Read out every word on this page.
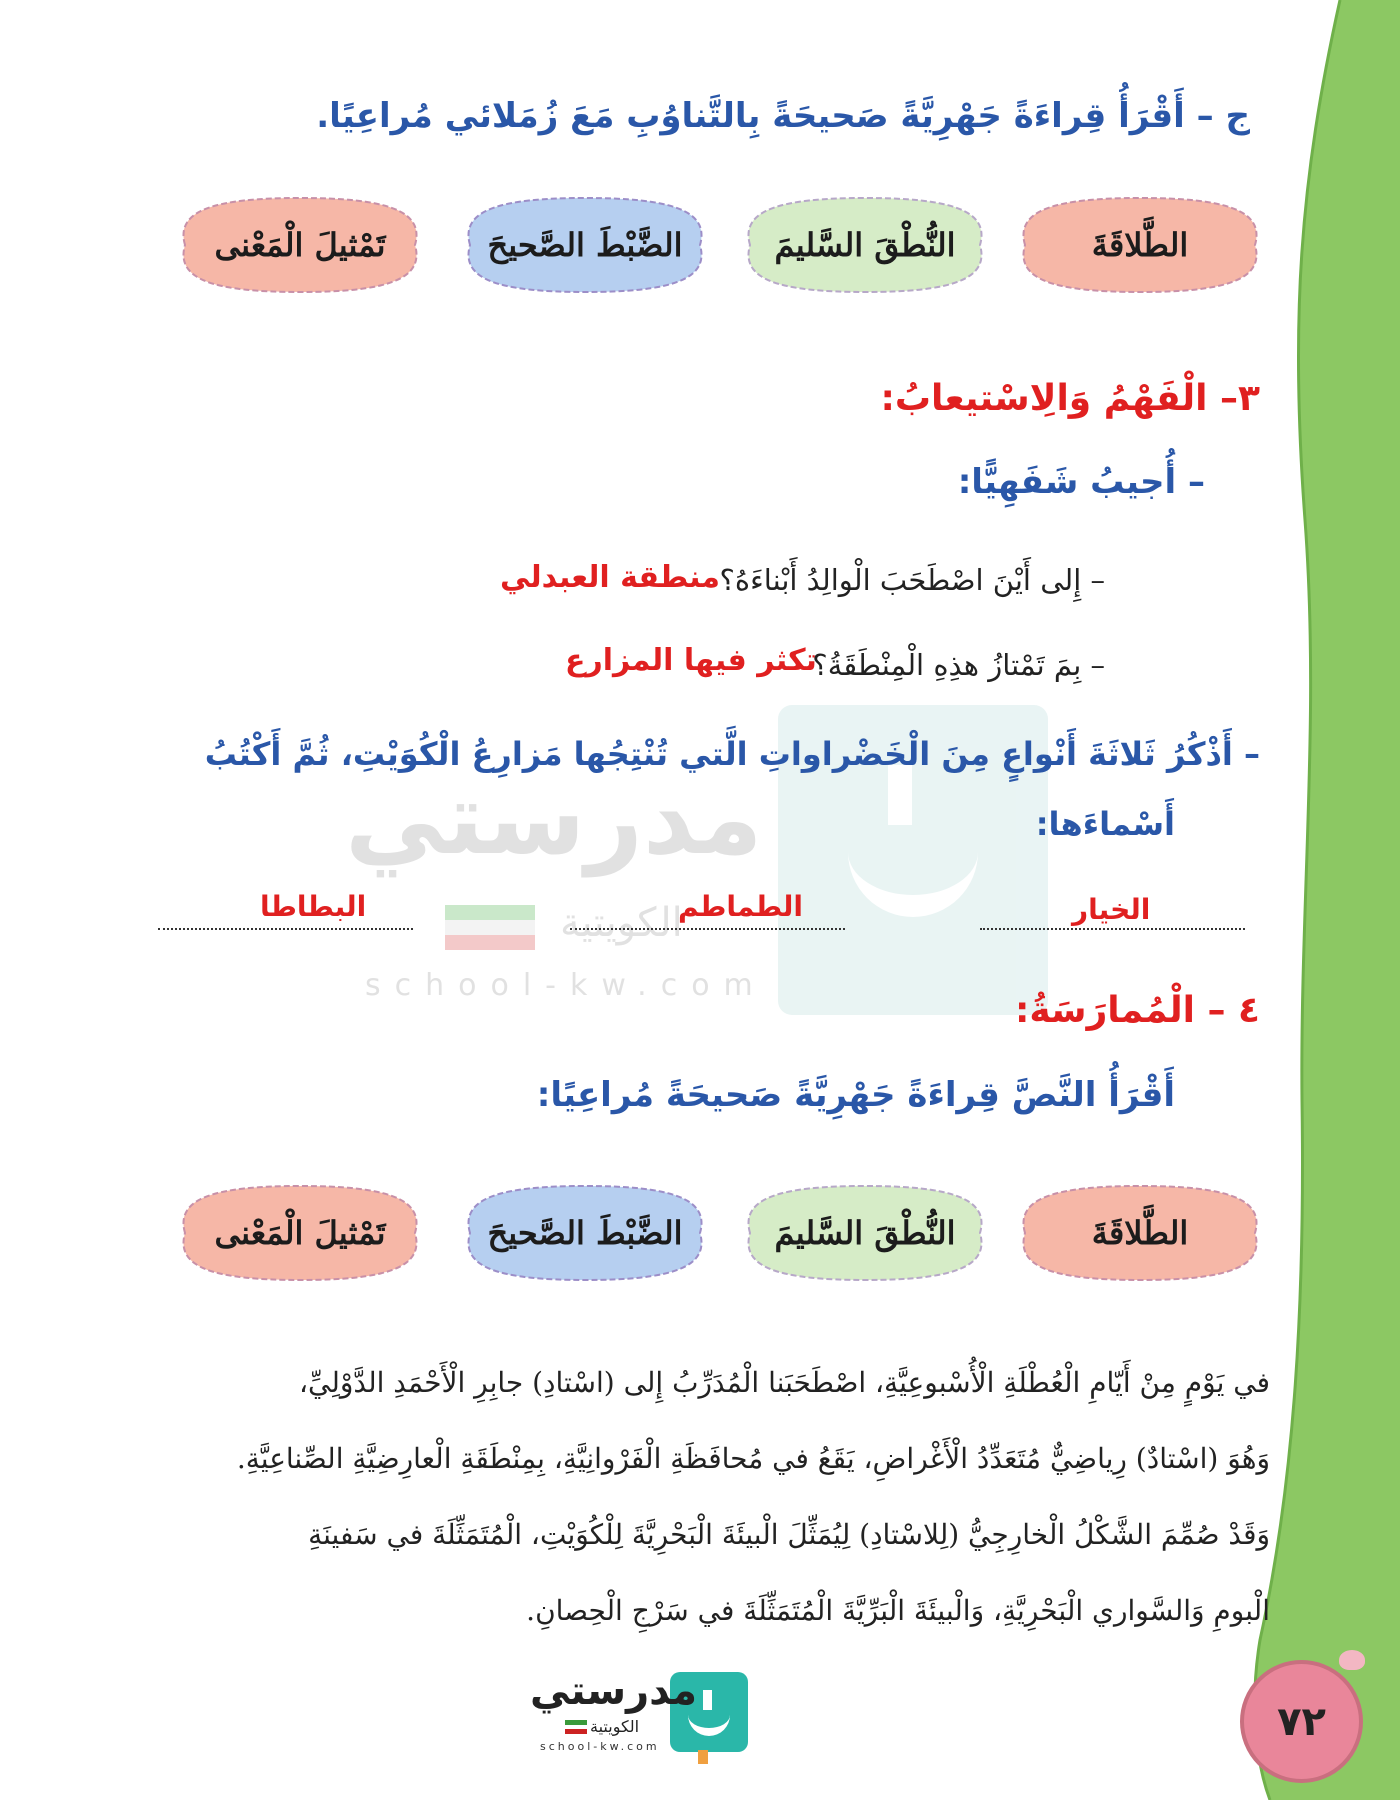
ج – أَقْرَأُ قِراءَةً جَهْرِيَّةً صَحيحَةً بِالتَّناوُبِ مَعَ زُمَلائي مُراعِيًا.
الطَّلاقَةَ
النُّطْقَ السَّليمَ
الضَّبْطَ الصَّحيحَ
تَمْثيلَ الْمَعْنى
مدرستي
الكويتية
school-kw.com
٣– الْفَهْمُ وَالِاسْتيعابُ:
– أُجيبُ شَفَهِيًّا:
– إِلى أَيْنَ اصْطَحَبَ الْوالِدُ أَبْناءَهُ؟
منطقة العبدلي
– بِمَ تَمْتازُ هذِهِ الْمِنْطَقَةُ؟
تكثر فيها المزارع
– أَذْكُرُ ثَلاثَةَ أَنْواعٍ مِنَ الْخَضْراواتِ الَّتي تُنْتِجُها مَزارِعُ الْكُوَيْتِ، ثُمَّ أَكْتُبُ
أَسْماءَها:
الخيار
الطماطم
البطاطا
٤ – الْمُمارَسَةُ:
أَقْرَأُ النَّصَّ قِراءَةً جَهْرِيَّةً صَحيحَةً مُراعِيًا:
الطَّلاقَةَ
النُّطْقَ السَّليمَ
الضَّبْطَ الصَّحيحَ
تَمْثيلَ الْمَعْنى
في يَوْمٍ مِنْ أَيّامِ الْعُطْلَةِ الْأُسْبوعِيَّةِ، اصْطَحَبَنا الْمُدَرِّبُ إِلى (اسْتادِ) جابِرِ الْأَحْمَدِ الدَّوْلِيِّ،
وَهُوَ (اسْتادٌ) رِياضِيٌّ مُتَعَدِّدُ الْأَغْراضِ، يَقَعُ في مُحافَظَةِ الْفَرْوانِيَّةِ، بِمِنْطَقَةِ الْعارِضِيَّةِ الصِّناعِيَّةِ.
وَقَدْ صُمِّمَ الشَّكْلُ الْخارِجِيُّ (لِلاسْتادِ) لِيُمَثِّلَ الْبيئَةَ الْبَحْرِيَّةَ لِلْكُوَيْتِ، الْمُتَمَثِّلَةَ في سَفينَةِ
الْبومِ وَالسَّواري الْبَحْرِيَّةِ، وَالْبيئَةَ الْبَرِّيَّةَ الْمُتَمَثِّلَةَ في سَرْجِ الْحِصانِ.
مدرستي
الكويتية
school-kw.com
٧٢
